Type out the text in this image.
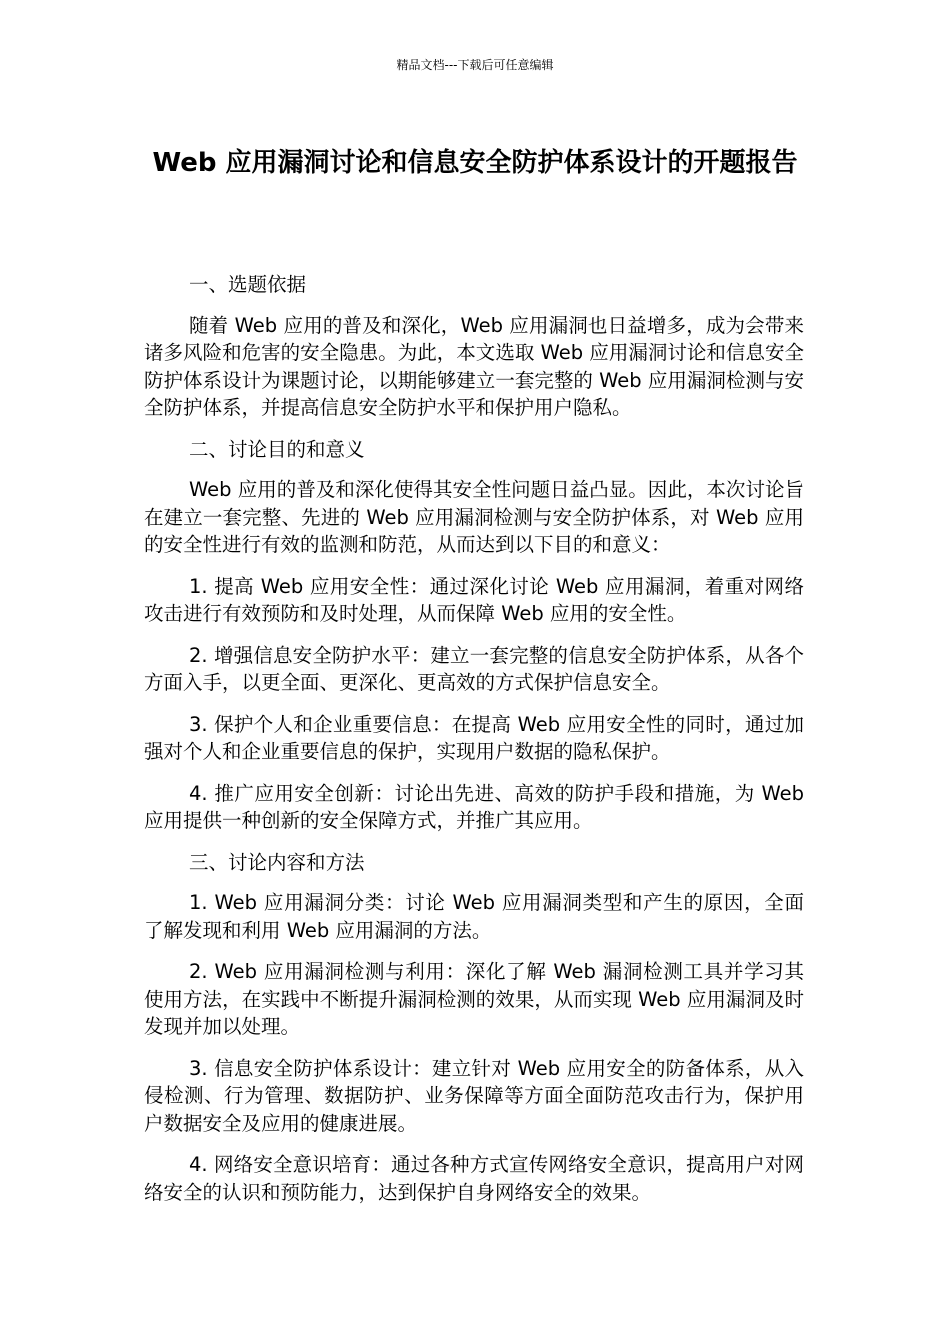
精品文档---下载后可任意编辑
Web 应用漏洞讨论和信息安全防护体系设计的开题报告

一、选题依据

随着 Web 应用的普及和深化，Web 应用漏洞也日益增多，成为会带来诸多风险和危害的安全隐患。为此，本文选取 Web 应用漏洞讨论和信息安全防护体系设计为课题讨论，以期能够建立一套完整的 Web 应用漏洞检测与安全防护体系，并提高信息安全防护水平和保护用户隐私。

二、讨论目的和意义

Web 应用的普及和深化使得其安全性问题日益凸显。因此，本次讨论旨在建立一套完整、先进的 Web 应用漏洞检测与安全防护体系，对 Web 应用的安全性进行有效的监测和防范，从而达到以下目的和意义：

1. 提高 Web 应用安全性：通过深化讨论 Web 应用漏洞，着重对网络攻击进行有效预防和及时处理，从而保障 Web 应用的安全性。

2. 增强信息安全防护水平：建立一套完整的信息安全防护体系，从各个方面入手，以更全面、更深化、更高效的方式保护信息安全。

3. 保护个人和企业重要信息：在提高 Web 应用安全性的同时，通过加强对个人和企业重要信息的保护，实现用户数据的隐私保护。

4. 推广应用安全创新：讨论出先进、高效的防护手段和措施，为 Web 应用提供一种创新的安全保障方式，并推广其应用。

三、讨论内容和方法

1. Web 应用漏洞分类：讨论 Web 应用漏洞类型和产生的原因，全面了解发现和利用 Web 应用漏洞的方法。

2. Web 应用漏洞检测与利用：深化了解 Web 漏洞检测工具并学习其使用方法，在实践中不断提升漏洞检测的效果，从而实现 Web 应用漏洞及时发现并加以处理。

3. 信息安全防护体系设计：建立针对 Web 应用安全的防备体系，从入侵检测、行为管理、数据防护、业务保障等方面全面防范攻击行为，保护用户数据安全及应用的健康进展。

4. 网络安全意识培育：通过各种方式宣传网络安全意识，提高用户对网络安全的认识和预防能力，达到保护自身网络安全的效果。
